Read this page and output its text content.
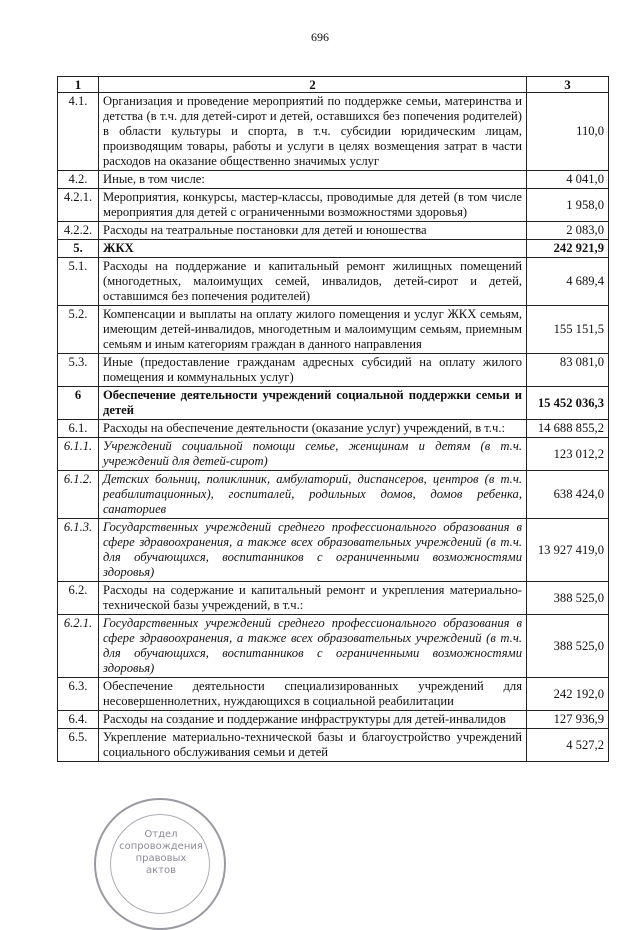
696
1	2	3
4.1.	Организация и проведение мероприятий по поддержке семьи, материнства и детства (в т.ч. для детей-сирот и детей, оставшихся без попечения родителей) в области культуры и спорта, в т.ч. субсидии юридическим лицам, производящим товары, работы и услуги в целях возмещения затрат в части расходов на оказание общественно значимых услуг	110,0
4.2.	Иные, в том числе:	4 041,0
4.2.1.	Мероприятия, конкурсы, мастер-классы, проводимые для детей (в том числе мероприятия для детей с ограниченными возможностями здоровья)	1 958,0
4.2.2.	Расходы на театральные постановки для детей и юношества	2 083,0
5.	ЖКХ	242 921,9
5.1.	Расходы на поддержание и капитальный ремонт жилищных помещений (многодетных, малоимущих семей, инвалидов, детей-сирот и детей, оставшимся без попечения родителей)	4 689,4
5.2.	Компенсации и выплаты на оплату жилого помещения и услуг ЖКХ семьям, имеющим детей-инвалидов, многодетным и малоимущим семьям, приемным семьям и иным категориям граждан в данного направления	155 151,5
5.3.	Иные (предоставление гражданам адресных субсидий на оплату жилого помещения и коммунальных услуг)	83 081,0
6	Обеспечение деятельности учреждений социальной поддержки семьи и детей	15 452 036,3
6.1.	Расходы на обеспечение деятельности (оказание услуг) учреждений, в т.ч.:	14 688 855,2
6.1.1.	Учреждений социальной помощи семье, женщинам и детям (в т.ч. учреждений для детей-сирот)	123 012,2
6.1.2.	Детских больниц, поликлиник, амбулаторий, диспансеров, центров (в т.ч. реабилитационных), госпиталей, родильных домов, домов ребенка, санаториев	638 424,0
6.1.3.	Государственных учреждений среднего профессионального образования в сфере здравоохранения, а также всех образовательных учреждений (в т.ч. для обучающихся, воспитанников с ограниченными возможностями здоровья)	13 927 419,0
6.2.	Расходы на содержание и капитальный ремонт и укрепления материально-технической базы учреждений, в т.ч.:	388 525,0
6.2.1.	Государственных учреждений среднего профессионального образования в сфере здравоохранения, а также всех образовательных учреждений (в т.ч. для обучающихся, воспитанников с ограниченными возможностями здоровья)	388 525,0
6.3.	Обеспечение деятельности специализированных учреждений для несовершеннолетних, нуждающихся в социальной реабилитации	242 192,0
6.4.	Расходы на создание и поддержание инфраструктуры для детей-инвалидов	127 936,9
6.5.	Укрепление материально-технической базы и благоустройство учреждений социального обслуживания семьи и детей	4 527,2
Отдел
сопровождения
правовых
актов
